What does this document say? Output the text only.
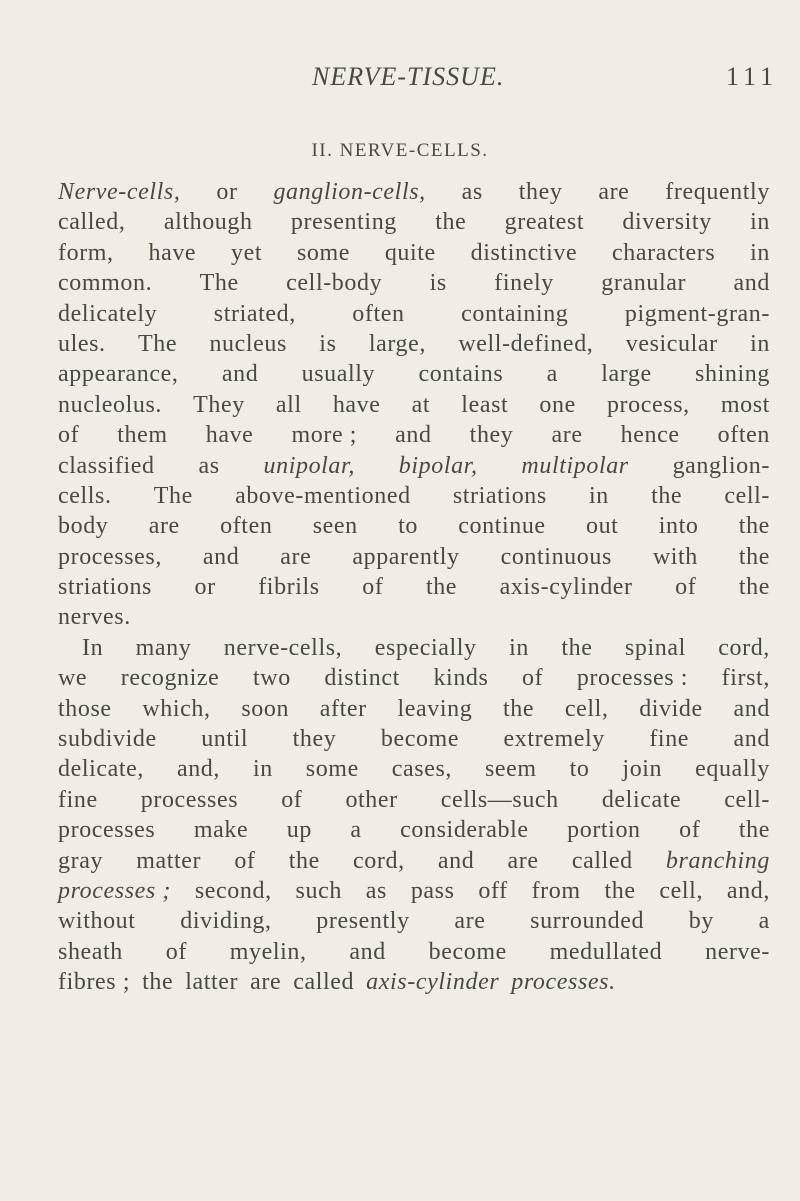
NERVE-TISSUE.	111
II. NERVE-CELLS.
Nerve-cells, or ganglion-cells, as they are frequently
called, although presenting the greatest diversity in
form, have yet some quite distinctive characters in
common. The cell-body is finely granular and
delicately striated, often containing pigment-gran-
ules. The nucleus is large, well-defined, vesicular in
appearance, and usually contains a large shining
nucleolus. They all have at least one process, most
of them have more ; and they are hence often
classified as unipolar, bipolar, multipolar ganglion-
cells. The above-mentioned striations in the cell-
body are often seen to continue out into the
processes, and are apparently continuous with the
striations or fibrils of the axis-cylinder of the
nerves.
In many nerve-cells, especially in the spinal cord,
we recognize two distinct kinds of processes : first,
those which, soon after leaving the cell, divide and
subdivide until they become extremely fine and
delicate, and, in some cases, seem to join equally
fine processes of other cells—such delicate cell-
processes make up a considerable portion of the
gray matter of the cord, and are called branching
processes ; second, such as pass off from the cell, and,
without dividing, presently are surrounded by a
sheath of myelin, and become medullated nerve-
fibres ; the latter are called axis-cylinder processes.
